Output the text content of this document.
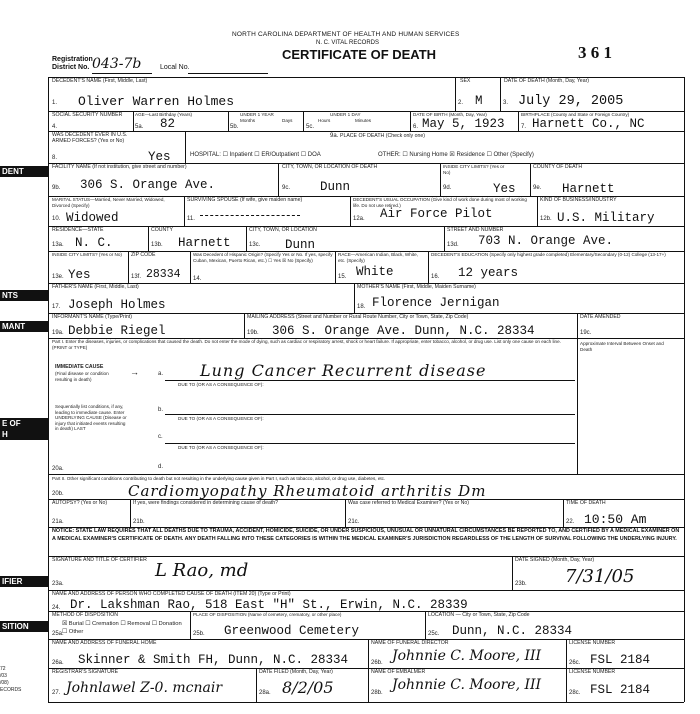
NORTH CAROLINA DEPARTMENT OF HEALTH AND HUMAN SERVICES
N. C. VITAL RECORDS
CERTIFICATE OF DEATH	3 6 1
Registration District No. 043-7b	Local No.
DENT
NTS
MANT
E OF
H
IFIER
SITION
72
/03
/08)
ECORDS
DECEDENT'S NAME (First, Middle, Last)
1. Oliver Warren Holmes
SEX
2. M
DATE OF DEATH (Month, Day, Year)
3. July 29, 2005
SOCIAL SECURITY NUMBER
4.
AGE—Last Birthday (Years)
5a. 82
UNDER 1 YEAR
Months	Days
5b.
UNDER 1 DAY
Hours	Minutes
5c.
DATE OF BIRTH (Month, Day, Year)
6. May 5, 1923
BIRTHPLACE (County and State or Foreign Country)
7. Harnett Co., NC
WAS DECEDENT EVER IN U.S. ARMED FORCES? (Yes or No)
8.	Yes
PLACE OF DEATH (Check only one)
9a.
HOSPITAL: ☐ Inpatient ☐ ER/Outpatient ☐ DOA	OTHER: ☐ Nursing Home ☒ Residence ☐ Other (Specify)
FACILITY NAME (If not institution, give street and number)
9b. 306 S. Orange Ave.
CITY, TOWN, OR LOCATION OF DEATH
9c. Dunn
INSIDE CITY LIMITS? (Yes or No)
9d.	Yes
COUNTY OF DEATH
9e. Harnett
MARITAL STATUS—Married, Never Married, Widowed, Divorced (Specify)
10. Widowed
SURVIVING SPOUSE (If wife, give maiden name)
11.
DECEDENT'S USUAL OCCUPATION (Give kind of work done during most of working life. Do not use retired.)
12a. Air Force Pilot
KIND OF BUSINESS/INDUSTRY
12b. U.S. Military
RESIDENCE—STATE
13a. N. C.
COUNTY
13b. Harnett
CITY, TOWN, OR LOCATION
13c. Dunn
STREET AND NUMBER
13d. 703 N. Orange Ave.
INSIDE CITY LIMITS? (Yes or No)
13e. Yes
ZIP CODE
13f. 28334
Was Decedent of Hispanic Origin? (Specify Yes or No. If yes, specify Cuban, Mexican, Puerto Rican, etc.) ☐ Yes ☒ No (Specify)
14.
RACE—American Indian, Black, White, etc. (Specify)
15. White
DECEDENT'S EDUCATION (Specify only highest grade completed) Elementary/Secondary (0-12) College (13-17+)
16. 12 years
FATHER'S NAME (First, Middle, Last)
17. Joseph Holmes
MOTHER'S NAME (First, Middle, Maiden Surname)
18. Florence Jernigan
INFORMANT'S NAME (Type/Print)
19a. Debbie Riegel
MAILING ADDRESS (Street and Number or Rural Route Number, City or Town, State, Zip Code)
19b. 306 S. Orange Ave. Dunn, N.C. 28334
DATE AMENDED
19c.
Part I. Enter the diseases, injuries, or complications that caused the death. Do not enter the mode of dying, such as cardiac or respiratory arrest, shock or heart failure. If appropriate, enter tobacco, alcohol, or drug use. List only one cause on each line. (PRINT or TYPE)
Approximate Interval Between Onset and Death
IMMEDIATE CAUSE
(Final disease or condition resulting in death)
→	a. Lung Cancer Recurrent disease
DUE TO (OR AS A CONSEQUENCE OF):
Sequentially list conditions, if any, leading to immediate cause. Enter UNDERLYING CAUSE (Disease or injury that initiated events resulting in death) LAST
b.
DUE TO (OR AS A CONSEQUENCE OF):
c.
DUE TO (OR AS A CONSEQUENCE OF):
20a.	d.
Part II. Other significant conditions contributing to death but not resulting in the underlying cause given in Part I, such as tobacco, alcohol, or drug use, diabetes, etc.
20b.	Cardiomyopathy Rheumatoid arthritis Dm
AUTOPSY? (Yes or No)
21a.
If yes, were findings considered in determining cause of death?
21b.
Was case referred to Medical Examiner? (Yes or No)
21c.
TIME OF DEATH
22. 10:50 Am
NOTICE: STATE LAW REQUIRES THAT ALL DEATHS DUE TO TRAUMA, ACCIDENT, HOMICIDE, SUICIDE, OR UNDER SUSPICIOUS, UNUSUAL OR UNNATURAL CIRCUMSTANCES BE REPORTED TO, AND CERTIFIED BY A MEDICAL EXAMINER ON A MEDICAL EXAMINER'S CERTIFICATE OF DEATH. ANY DEATH FALLING INTO THESE CATEGORIES IS WITHIN THE MEDICAL EXAMINER'S JURISDICTION REGARDLESS OF THE LENGTH OF SURVIVAL FOLLOWING THE UNDERLYING INJURY.
SIGNATURE AND TITLE OF CERTIFIER
23a.
L Rao, md	DATE SIGNED (Month, Day, Year)
23b. 7/31/05
NAME AND ADDRESS OF PERSON WHO COMPLETED CAUSE OF DEATH (ITEM 20) (Type or Print)
24. Dr. Lakshman Rao, 518 East "H" St., Erwin, N.C. 28339
METHOD OF DISPOSITION
☒ Burial ☐ Cremation ☐ Removal ☐ Donation ☐ Other
25a.
PLACE OF DISPOSITION (Name of cemetery, crematory, or other place)
25b. Greenwood Cemetery
LOCATION — City or Town, State, Zip Code
25c. Dunn, N.C. 28334
NAME AND ADDRESS OF FUNERAL HOME
26a. Skinner & Smith FH, Dunn, N.C. 28334
NAME OF FUNERAL DIRECTOR
26b. Johnnie C. Moore, III
LICENSE NUMBER
26c. FSL 2184
REGISTRAR'S SIGNATURE
27. Johnlawel Z-0. mcnair
DATE FILED (Month, Day, Year)
28a. 8/2/05
NAME OF EMBALMER
28b. Johnnie C. Moore, III
LICENSE NUMBER
28c. FSL 2184
